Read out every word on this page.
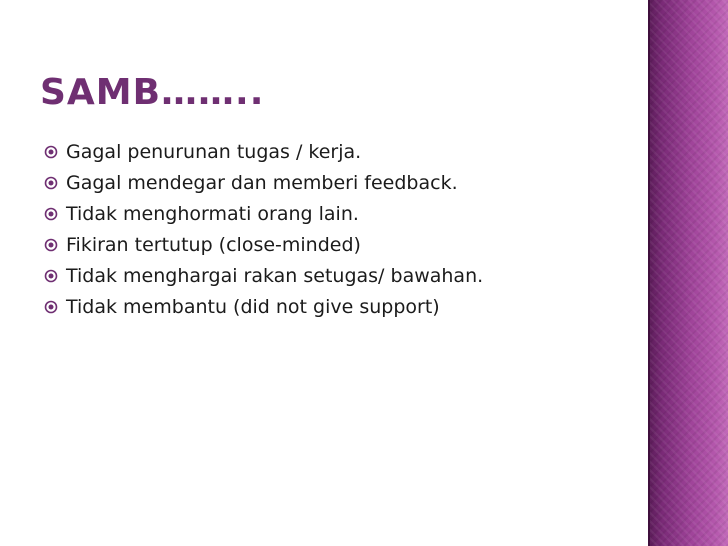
SAMB……..
Gagal penurunan tugas / kerja.
Gagal mendegar dan memberi feedback.
Tidak menghormati orang lain.
Fikiran tertutup (close-minded)
Tidak menghargai rakan setugas/ bawahan.
Tidak membantu (did not give support)
